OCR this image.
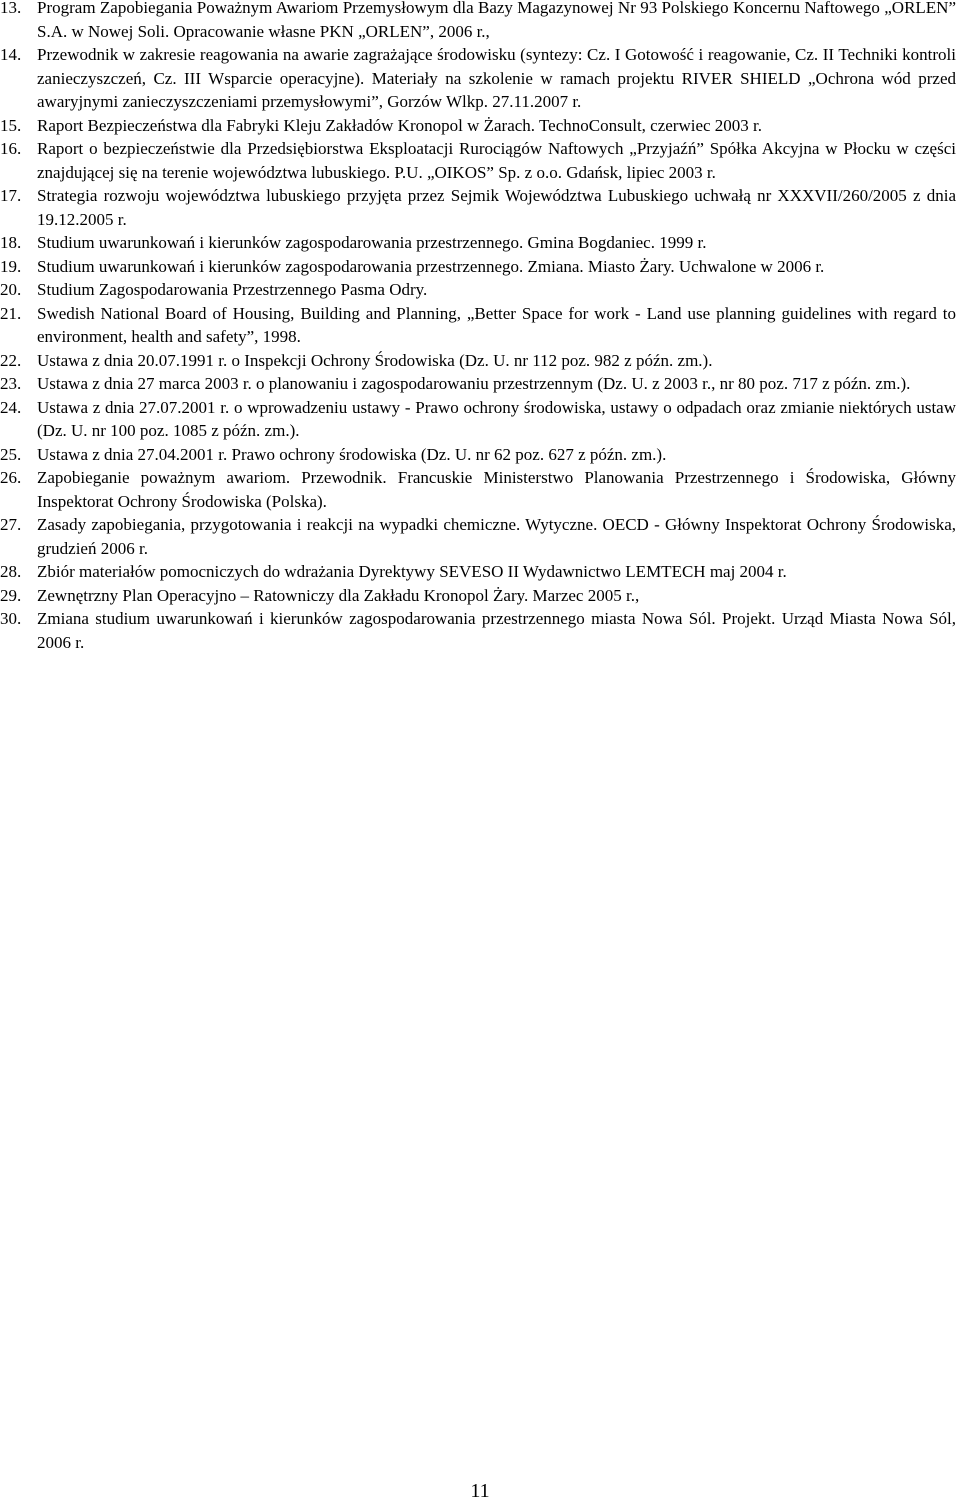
13. Program Zapobiegania Poważnym Awariom Przemysłowym dla Bazy Magazynowej Nr 93 Polskiego Koncernu Naftowego „ORLEN” S.A. w Nowej Soli. Opracowanie własne PKN „ORLEN”, 2006 r.,
14. Przewodnik w zakresie reagowania na awarie zagrażające środowisku (syntezy: Cz. I Gotowość i reagowanie, Cz. II Techniki kontroli zanieczyszczeń, Cz. III Wsparcie operacyjne). Materiały na szkolenie w ramach projektu RIVER SHIELD „Ochrona wód przed awaryjnymi zanieczyszczeniami przemysłowymi”, Gorzów Wlkp. 27.11.2007 r.
15. Raport Bezpieczeństwa dla Fabryki Kleju Zakładów Kronopol w Żarach. TechnoConsult, czerwiec 2003 r.
16. Raport o bezpieczeństwie dla Przedsiębiorstwa Eksploatacji Rurociągów Naftowych „Przyjaźń” Spółka Akcyjna w Płocku w części znajdującej się na terenie województwa lubuskiego. P.U. „OIKOS” Sp. z o.o. Gdańsk, lipiec 2003 r.
17. Strategia rozwoju województwa lubuskiego przyjęta przez Sejmik Województwa Lubuskiego uchwałą nr XXXVII/260/2005 z dnia 19.12.2005 r.
18. Studium uwarunkowań i kierunków zagospodarowania przestrzennego. Gmina Bogdaniec. 1999 r.
19. Studium uwarunkowań i kierunków zagospodarowania przestrzennego. Zmiana. Miasto Żary. Uchwalone w 2006 r.
20. Studium Zagospodarowania Przestrzennego Pasma Odry.
21. Swedish National Board of Housing, Building and Planning, „Better Space for work - Land use planning guidelines with regard to environment, health and safety”, 1998.
22. Ustawa z dnia 20.07.1991 r. o Inspekcji Ochrony Środowiska (Dz. U. nr 112 poz. 982 z późn. zm.).
23. Ustawa z dnia 27 marca 2003 r. o planowaniu i zagospodarowaniu przestrzennym (Dz. U. z 2003 r., nr 80 poz. 717 z późn. zm.).
24. Ustawa z dnia 27.07.2001 r. o wprowadzeniu ustawy - Prawo ochrony środowiska, ustawy o odpadach oraz zmianie niektórych ustaw (Dz. U. nr 100 poz. 1085 z późn. zm.).
25. Ustawa z dnia 27.04.2001 r. Prawo ochrony środowiska (Dz. U. nr 62 poz. 627 z późn. zm.).
26. Zapobieganie poważnym awariom. Przewodnik. Francuskie Ministerstwo Planowania Przestrzennego i Środowiska, Główny Inspektorat Ochrony Środowiska (Polska).
27. Zasady zapobiegania, przygotowania i reakcji na wypadki chemiczne. Wytyczne. OECD - Główny Inspektorat Ochrony Środowiska, grudzień 2006 r.
28. Zbiór materiałów pomocniczych do wdrażania Dyrektywy SEVESO II Wydawnictwo LEMTECH maj 2004 r.
29. Zewnętrzny Plan Operacyjno – Ratowniczy dla Zakładu Kronopol Żary. Marzec 2005 r.,
30. Zmiana studium uwarunkowań i kierunków zagospodarowania przestrzennego miasta Nowa Sól. Projekt. Urząd Miasta Nowa Sól, 2006 r.
11
